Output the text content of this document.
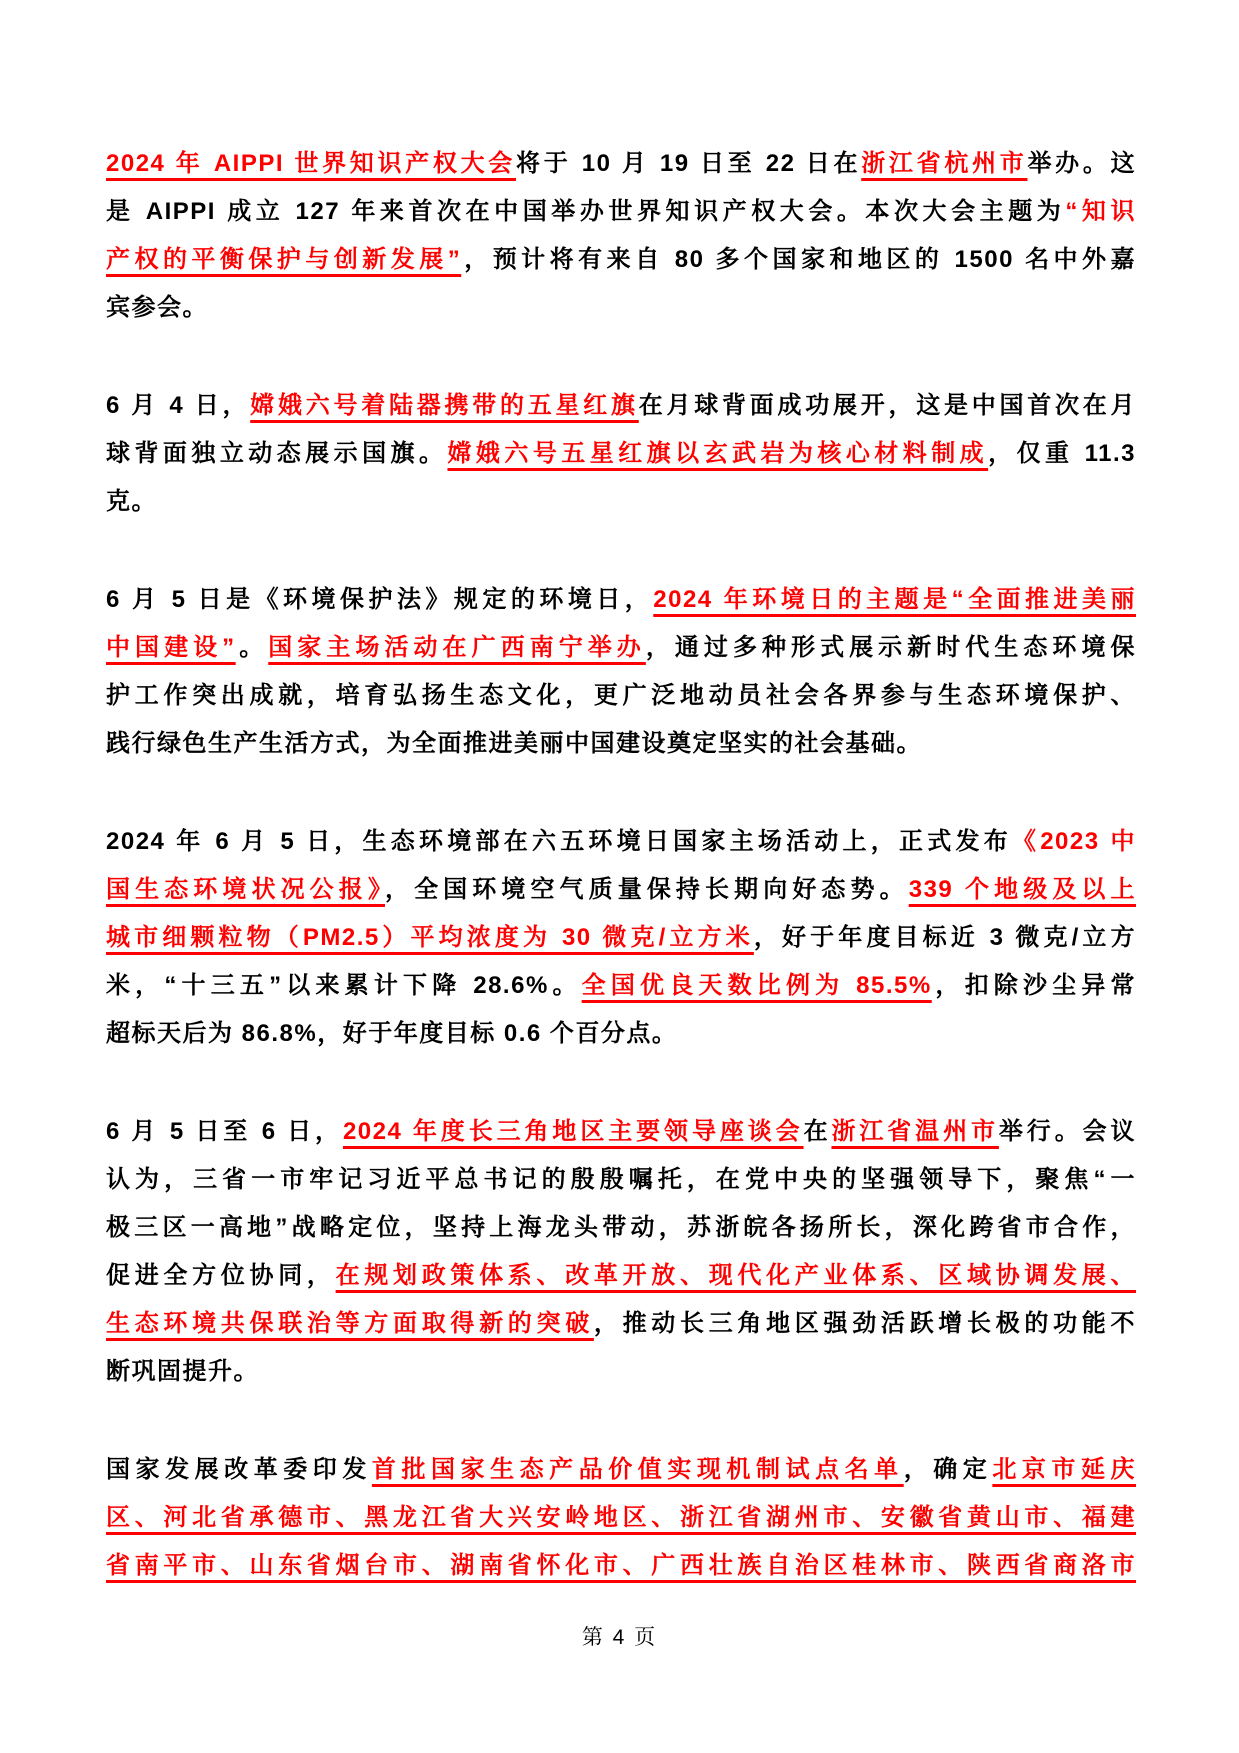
2024 年 AIPPI 世界知识产权大会将于 10 月 19 日至 22 日在浙江省杭州市举办。这
是 AIPPI 成立 127 年来首次在中国举办世界知识产权大会。本次大会主题为“知识
产权的平衡保护与创新发展”，预计将有来自 80 多个国家和地区的 1500 名中外嘉
宾参会。
6 月 4 日，嫦娥六号着陆器携带的五星红旗在月球背面成功展开，这是中国首次在月
球背面独立动态展示国旗。嫦娥六号五星红旗以玄武岩为核心材料制成，仅重 11.3
克。
6 月 5 日是《环境保护法》规定的环境日，2024 年环境日的主题是“全面推进美丽
中国建设”。国家主场活动在广西南宁举办，通过多种形式展示新时代生态环境保
护工作突出成就，培育弘扬生态文化，更广泛地动员社会各界参与生态环境保护、
践行绿色生产生活方式，为全面推进美丽中国建设奠定坚实的社会基础。
2024 年 6 月 5 日，生态环境部在六五环境日国家主场活动上，正式发布《2023 中
国生态环境状况公报》，全国环境空气质量保持长期向好态势。339 个地级及以上
城市细颗粒物（PM2.5）平均浓度为 30 微克/立方米，好于年度目标近 3 微克/立方
米，“十三五”以来累计下降 28.6%。全国优良天数比例为 85.5%，扣除沙尘异常
超标天后为 86.8%，好于年度目标 0.6 个百分点。
6 月 5 日至 6 日，2024 年度长三角地区主要领导座谈会在浙江省温州市举行。会议
认为，三省一市牢记习近平总书记的殷殷嘱托，在党中央的坚强领导下，聚焦“一
极三区一高地”战略定位，坚持上海龙头带动，苏浙皖各扬所长，深化跨省市合作，
促进全方位协同，在规划政策体系、改革开放、现代化产业体系、区域协调发展、
生态环境共保联治等方面取得新的突破，推动长三角地区强劲活跃增长极的功能不
断巩固提升。
国家发展改革委印发首批国家生态产品价值实现机制试点名单，确定北京市延庆
区、河北省承德市、黑龙江省大兴安岭地区、浙江省湖州市、安徽省黄山市、福建
省南平市、山东省烟台市、湖南省怀化市、广西壮族自治区桂林市、陕西省商洛市
第 4 页
